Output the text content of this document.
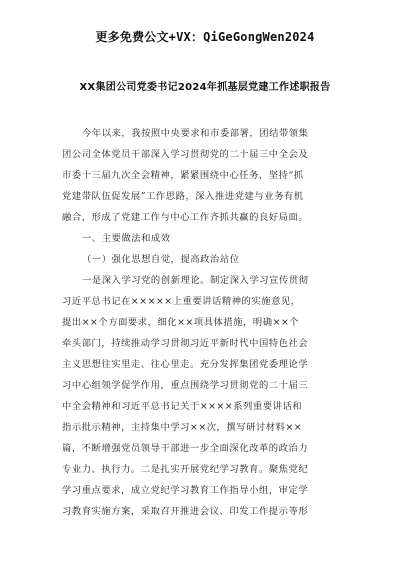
更多免费公文+VX：QiGeGongWen2024
XX集团公司党委书记2024年抓基层党建工作述职报告
今年以来，我按照中央要求和市委部署，团结带领集
团公司全体党员干部深入学习贯彻党的二十届三中全会及
市委十三届九次全会精神，紧紧围绕中心任务，坚持“抓
党建带队伍促发展”工作思路，深入推进党建与业务有机
融合，形成了党建工作与中心工作齐抓共赢的良好局面。
一、主要做法和成效
（一）强化思想自觉，提高政治站位
一是深入学习党的创新理论。制定深入学习宣传贯彻
习近平总书记在×××××上重要讲话精神的实施意见，
提出××个方面要求，细化××项具体措施，明确××个
牵头部门，持续推动学习贯彻习近平新时代中国特色社会
主义思想往实里走、往心里走。充分发挥集团党委理论学
习中心组领学促学作用，重点围绕学习贯彻党的二十届三
中全会精神和习近平总书记关于××××系列重要讲话和
指示批示精神，主持集中学习××次，撰写研讨材料××
篇，不断增强党员领导干部进一步全面深化改革的政治力
专业力、执行力。二是扎实开展党纪学习教育。聚焦党纪
学习重点要求，成立党纪学习教育工作指导小组，审定学
习教育实施方案，采取召开推进会议、印发工作提示等形
